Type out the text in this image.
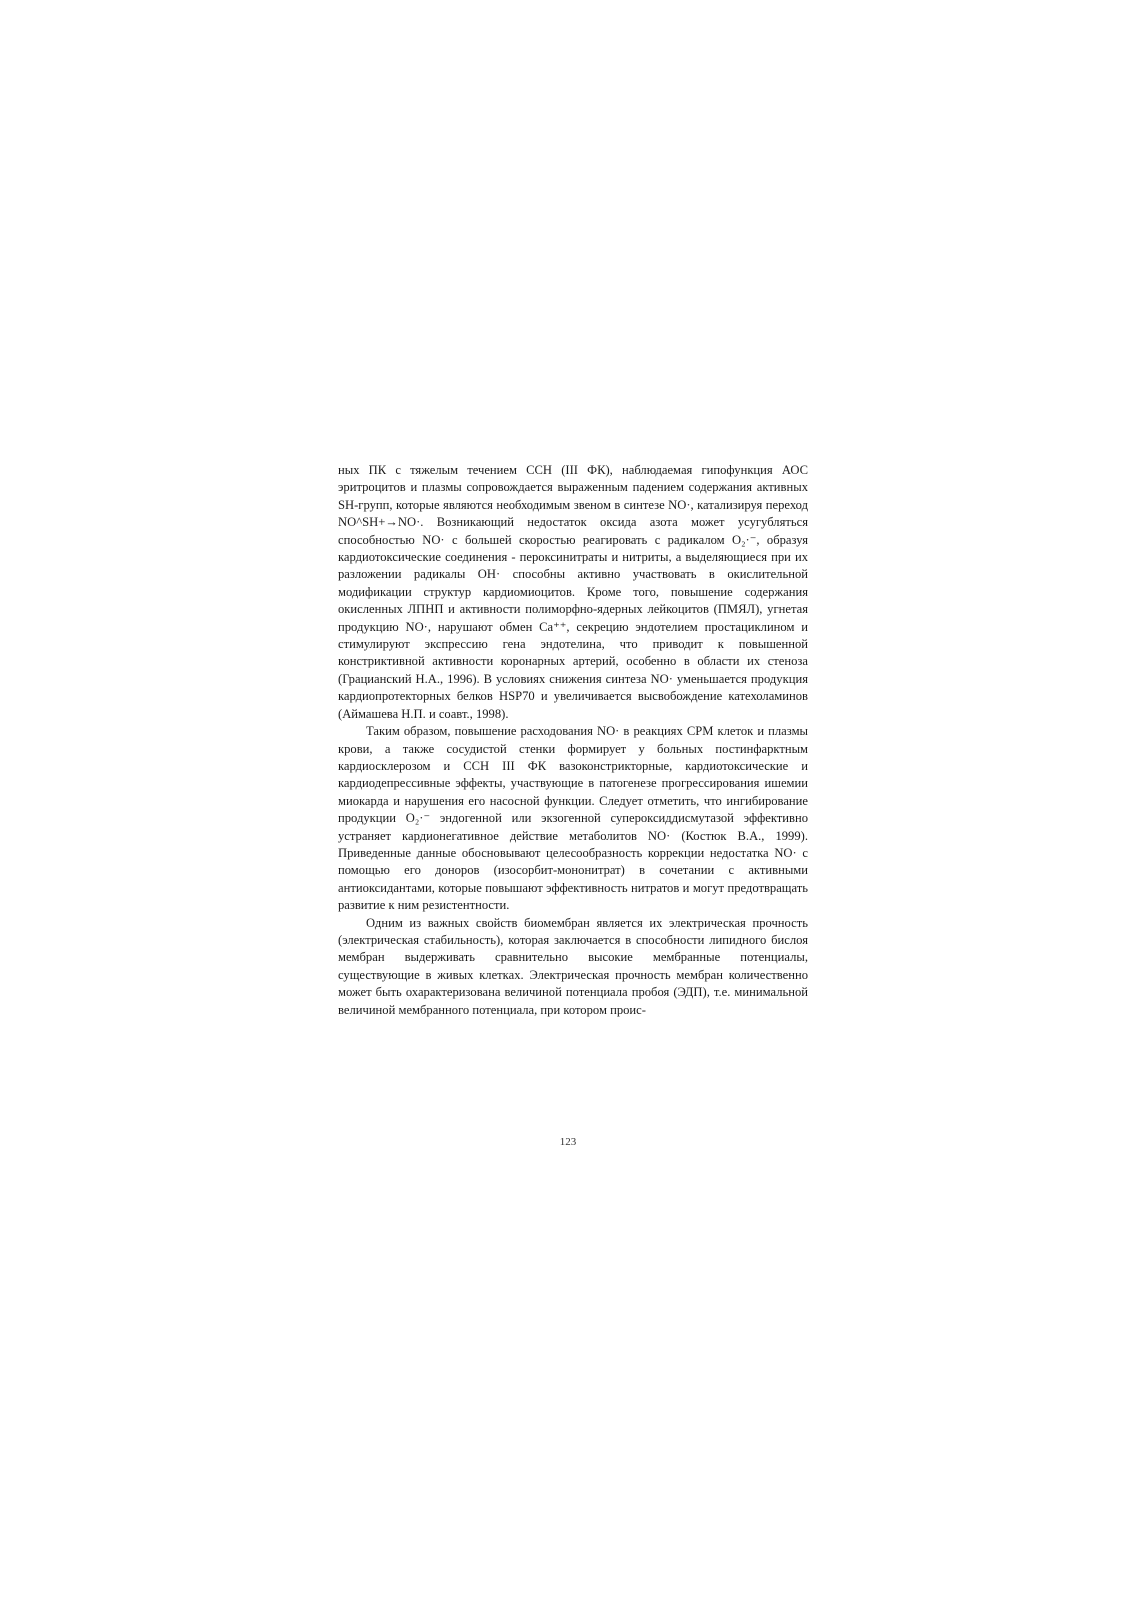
ных ПК с тяжелым течением ССН (III ФК), наблюдаемая гипофункция АОС эритроцитов и плазмы сопровождается выраженным падением содержания активных SH-групп, которые являются необходимым звеном в синтезе NO·, катализируя переход NO^SH+→NO·. Возникающий недостаток оксида азота может усугубляться способностью NO· с большей скоростью реагировать с радикалом O₂·⁻, образуя кардиотоксические соединения - пероксинитраты и нитриты, а выделяющиеся при их разложении радикалы OH· способны активно участвовать в окислительной модификации структур кардиомиоцитов. Кроме того, повышение содержания окисленных ЛПНП и активности полиморфно-ядерных лейкоцитов (ПМЯЛ), угнетая продукцию NO·, нарушают обмен Ca⁺⁺, секрецию эндотелием простациклином и стимулируют экспрессию гена эндотелина, что приводит к повышенной констриктивной активности коронарных артерий, особенно в области их стеноза (Грацианский Н.А., 1996). В условиях снижения синтеза NO· уменьшается продукция кардиопротекторных белков HSP70 и увеличивается высвобождение катехоламинов (Аймашева Н.П. и соавт., 1998).

Таким образом, повышение расходования NO· в реакциях СРМ клеток и плазмы крови, а также сосудистой стенки формирует у больных постинфарктным кардиосклерозом и ССН III ФК вазоконстрикторные, кардиотоксические и кардиодепрессивные эффекты, участвующие в патогенезе прогрессирования ишемии миокарда и нарушения его насосной функции. Следует отметить, что ингибирование продукции O₂·⁻ эндогенной или экзогенной супероксиддисмутазой эффективно устраняет кардионегативное действие метаболитов NO· (Костюк В.А., 1999). Приведенные данные обосновывают целесообразность коррекции недостатка NO· с помощью его доноров (изосорбит-мононитрат) в сочетании с активными антиоксидантами, которые повышают эффективность нитратов и могут предотвращать развитие к ним резистентности.

Одним из важных свойств биомембран является их электрическая прочность (электрическая стабильность), которая заключается в способности липидного бислоя мембран выдерживать сравнительно высокие мембранные потенциалы, существующие в живых клетках. Электрическая прочность мембран количественно может быть охарактеризована величиной потенциала пробоя (ЭДП), т.е. минимальной величиной мембранного потенциала, при котором проис-

123
